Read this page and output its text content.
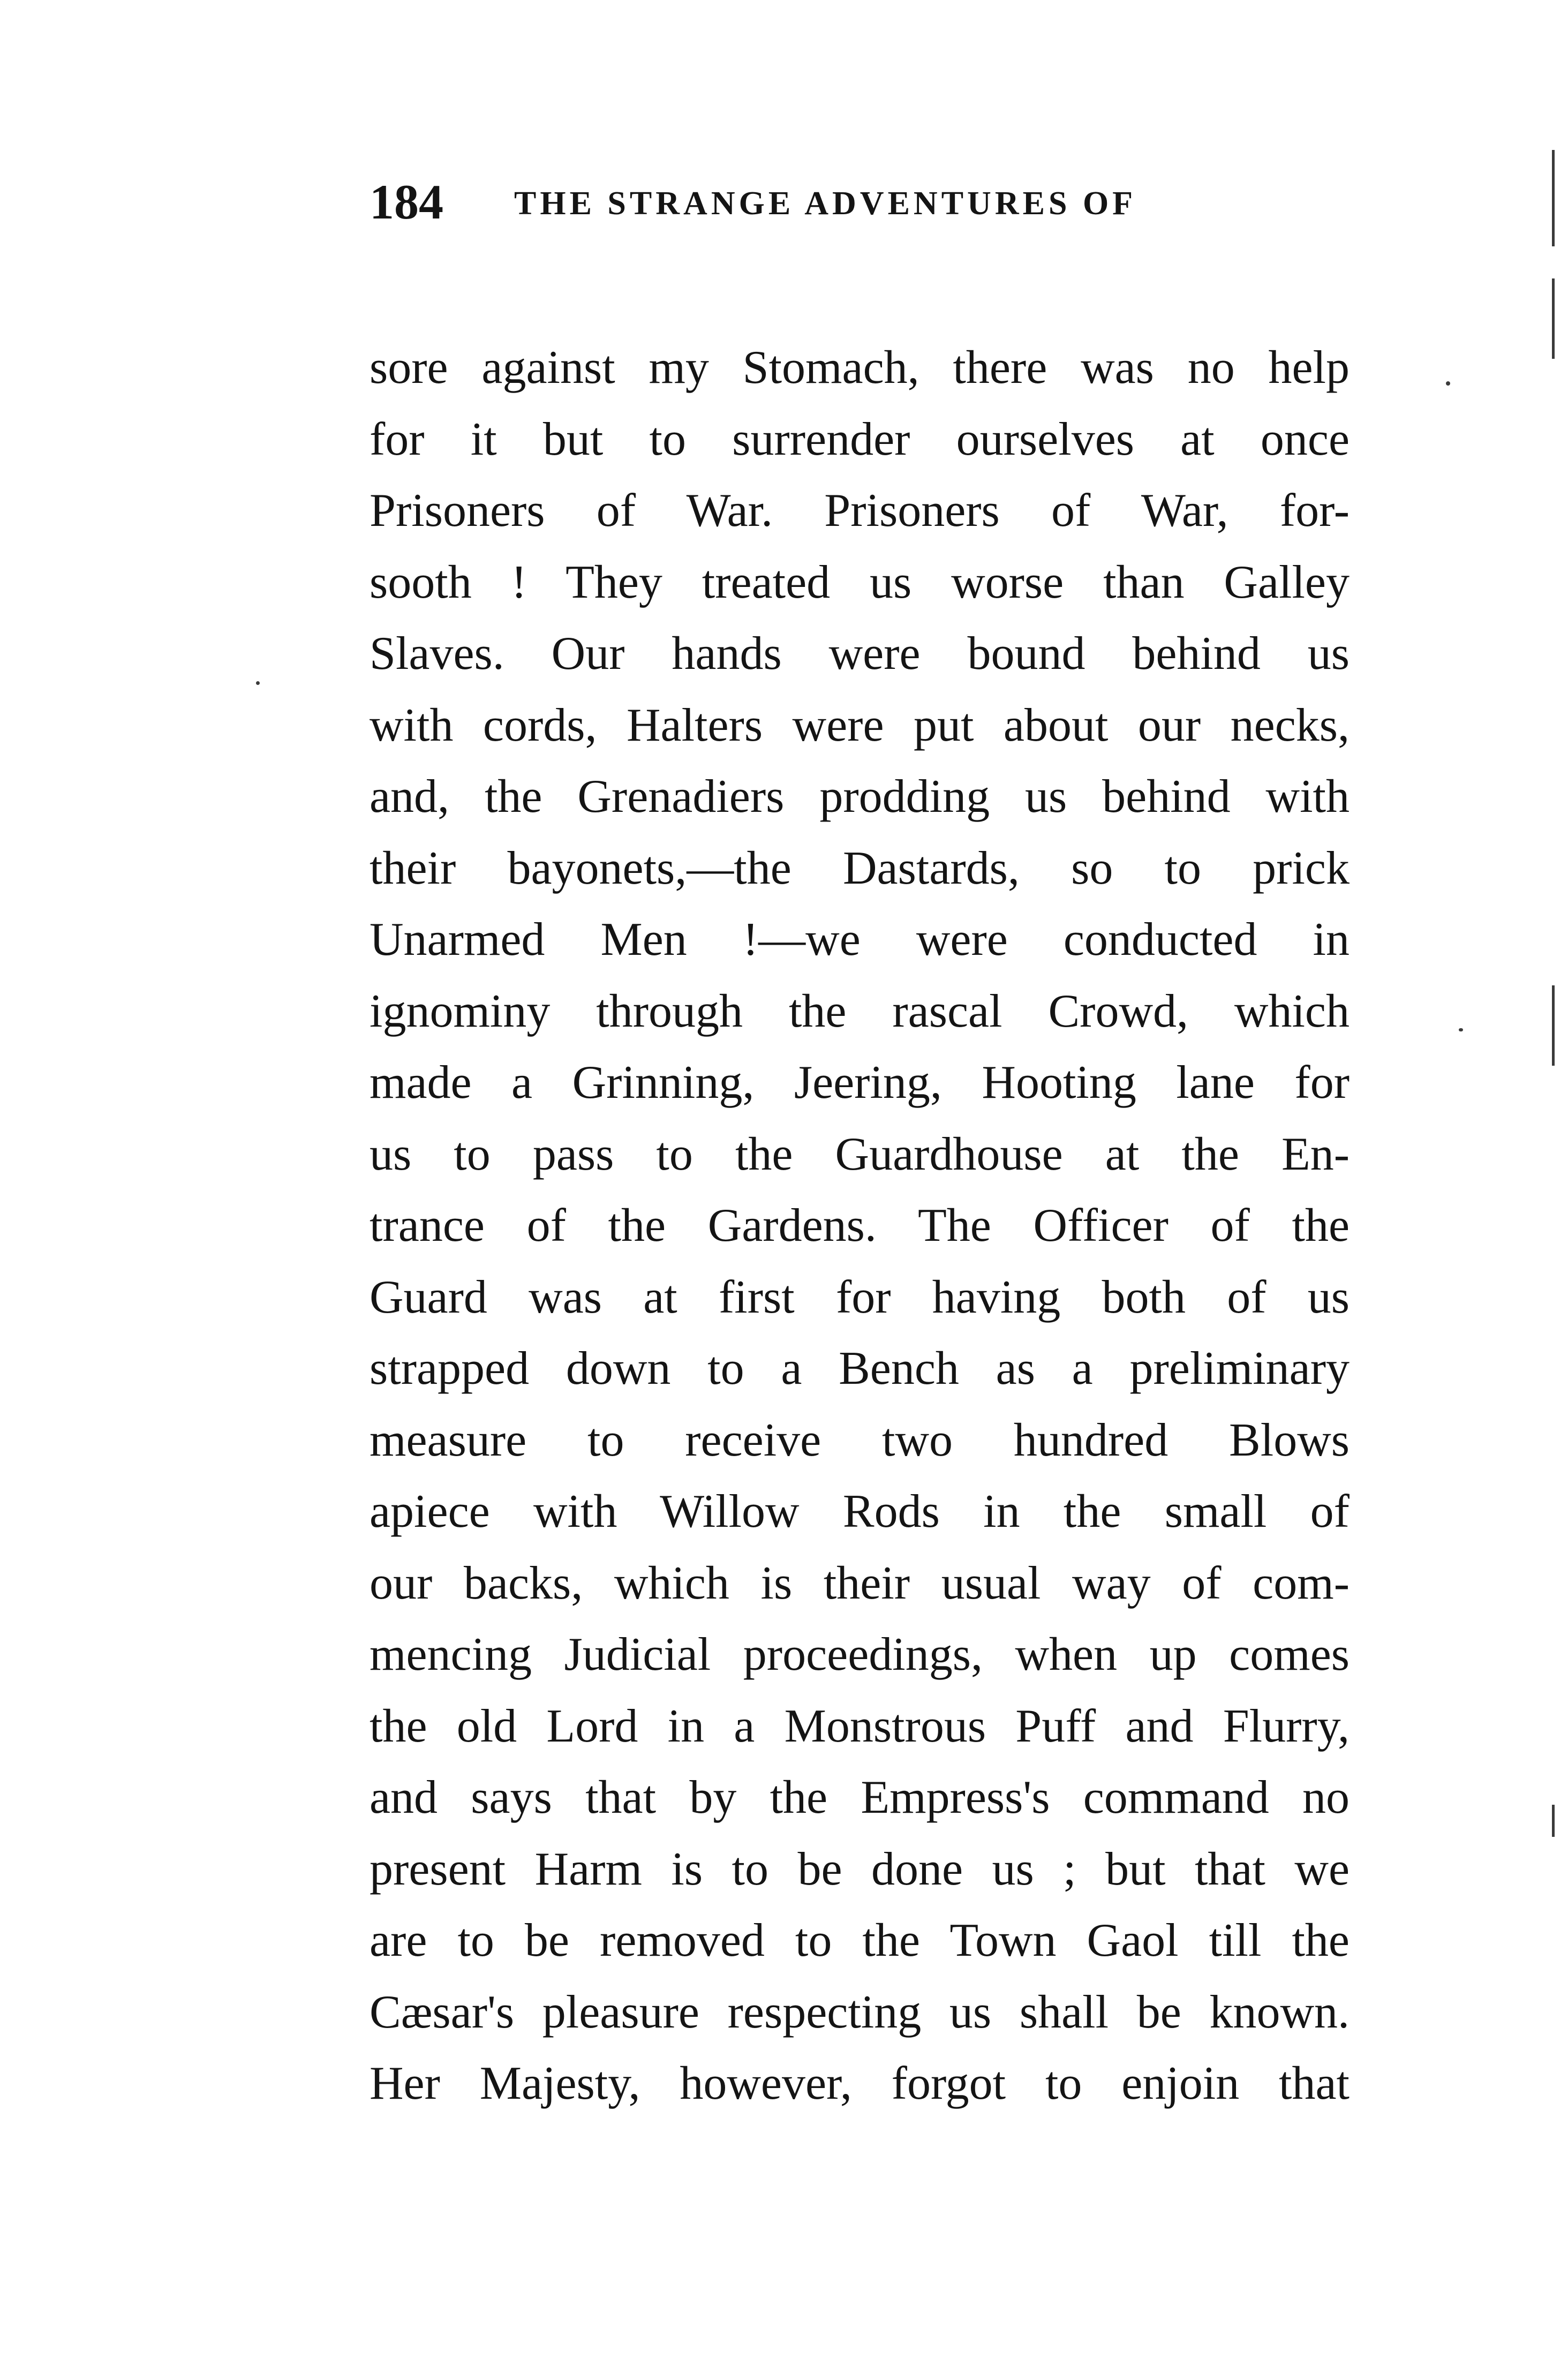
184 THE STRANGE ADVENTURES OF
sore against my Stomach, there was no help
for it but to surrender ourselves at once
Prisoners of War. Prisoners of War, for-
sooth ! They treated us worse than Galley
Slaves. Our hands were bound behind us
with cords, Halters were put about our necks,
and, the Grenadiers prodding us behind with
their bayonets,—the Dastards, so to prick
Unarmed Men !—we were conducted in
ignominy through the rascal Crowd, which
made a Grinning, Jeering, Hooting lane for
us to pass to the Guardhouse at the En-
trance of the Gardens. The Officer of the
Guard was at first for having both of us
strapped down to a Bench as a preliminary
measure to receive two hundred Blows
apiece with Willow Rods in the small of
our backs, which is their usual way of com-
mencing Judicial proceedings, when up comes
the old Lord in a Monstrous Puff and Flurry,
and says that by the Empress's command no
present Harm is to be done us ; but that we
are to be removed to the Town Gaol till the
Cæsar's pleasure respecting us shall be known.
Her Majesty, however, forgot to enjoin that
